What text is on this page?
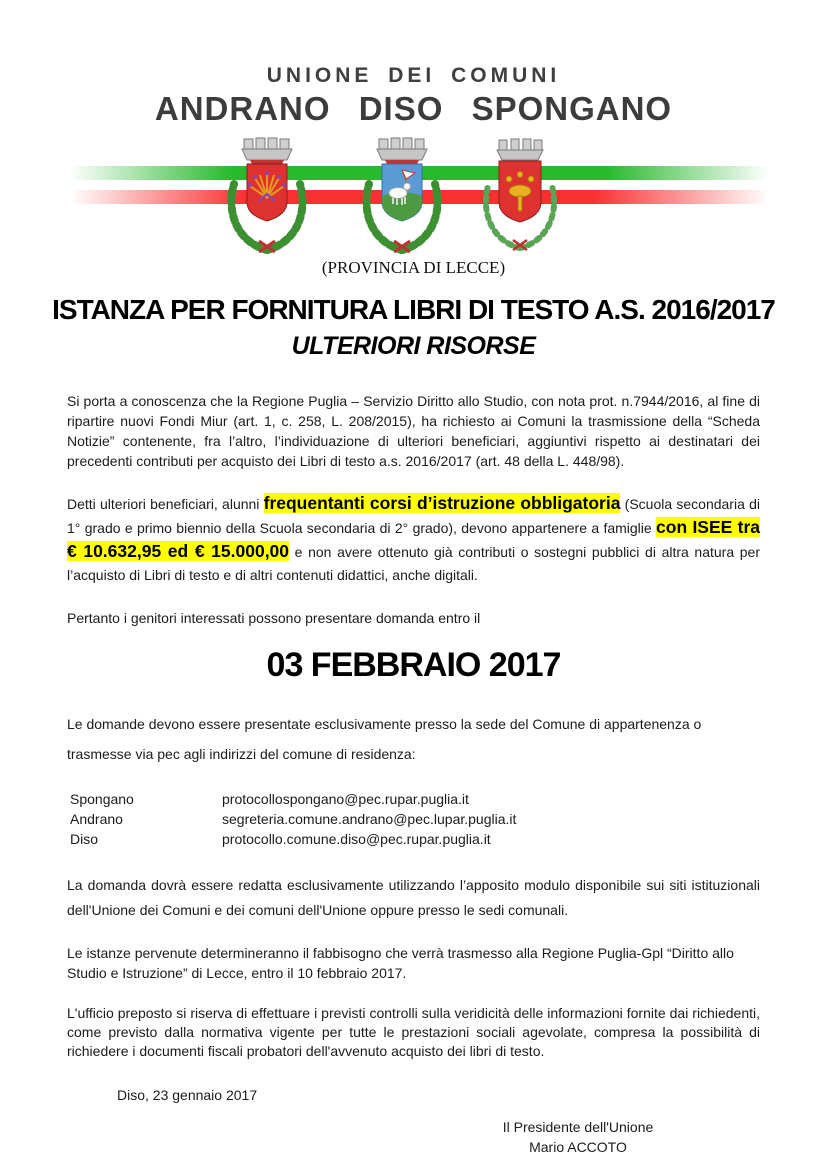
UNIONE DEI COMUNI
ANDRANO DISO SPONGANO
(PROVINCIA DI LECCE)
ISTANZA PER FORNITURA LIBRI DI TESTO A.S. 2016/2017
ULTERIORI RISORSE

Si porta a conoscenza che la Regione Puglia – Servizio Diritto allo Studio, con nota prot. n.7944/2016, al fine di ripartire nuovi Fondi Miur (art. 1, c. 258, L. 208/2015), ha richiesto ai Comuni la trasmissione della “Scheda Notizie” contenente, fra l’altro, l’individuazione di ulteriori beneficiari, aggiuntivi rispetto ai destinatari dei precedenti contributi per acquisto dei Libri di testo a.s. 2016/2017 (art. 48 della L. 448/98).

Detti ulteriori beneficiari, alunni frequentanti corsi d’istruzione obbligatoria (Scuola secondaria di 1° grado e primo biennio della Scuola secondaria di 2° grado), devono appartenere a famiglie con ISEE tra € 10.632,95 ed € 15.000,00 e non avere ottenuto già contributi o sostegni pubblici di altra natura per l’acquisto di Libri di testo e di altri contenuti didattici, anche digitali.

Pertanto i genitori interessati possono presentare domanda entro il

03 FEBBRAIO 2017

Le domande devono essere presentate esclusivamente presso la sede del Comune di appartenenza o trasmesse via pec agli indirizzi del comune di residenza:

Spongano	protocollospongano@pec.rupar.puglia.it
Andrano	segreteria.comune.andrano@pec.lupar.puglia.it
Diso	protocollo.comune.diso@pec.rupar.puglia.it

La domanda dovrà essere redatta esclusivamente utilizzando l’apposito modulo disponibile sui siti istituzionali dell'Unione dei Comuni e dei comuni dell'Unione oppure presso le sedi comunali.

Le istanze pervenute determineranno il fabbisogno che verrà trasmesso alla Regione Puglia-Gpl “Diritto allo Studio e Istruzione” di Lecce, entro il 10 febbraio 2017.

L'ufficio preposto si riserva di effettuare i previsti controlli sulla veridicità delle informazioni fornite dai richiedenti, come previsto dalla normativa vigente per tutte le prestazioni sociali agevolate, compresa la possibilità di richiedere i documenti fiscali probatori dell'avvenuto acquisto dei libri di testo.

Diso, 23 gennaio 2017
Il Presidente dell'Unione
Mario ACCOTO
